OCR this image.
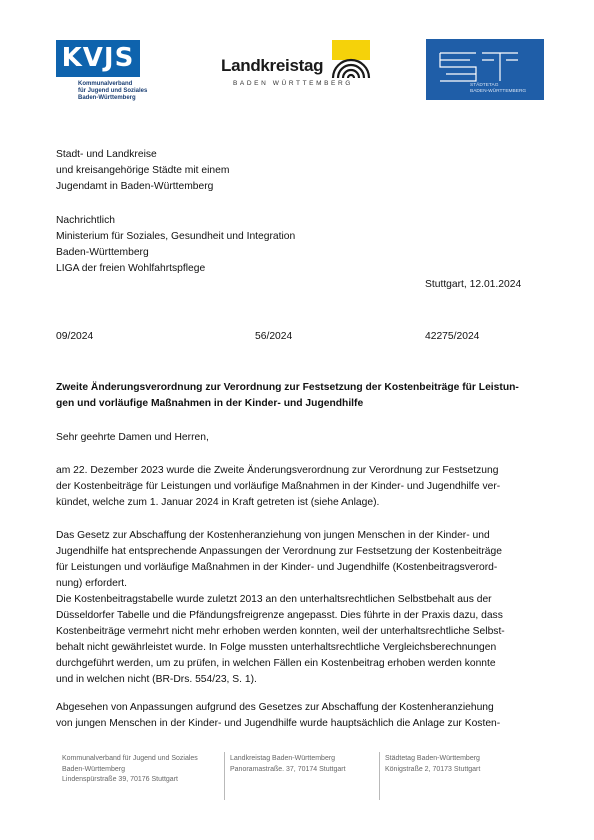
KVJS
Kommunalverband
für Jugend und Soziales
Baden-Württemberg
Landkreistag
BADEN WÜRTTEMBERG	STÄDTETAG
BADEN-WÜRTTEMBERG
Stadt- und Landkreise
und kreisangehörige Städte mit einem
Jugendamt in Baden-Württemberg
Nachrichtlich
Ministerium für Soziales, Gesundheit und Integration
Baden-Württemberg
LIGA der freien Wohlfahrtspflege
Stuttgart, 12.01.2024
09/2024	56/2024	42275/2024
Zweite Änderungsverordnung zur Verordnung zur Festsetzung der Kostenbeiträge für Leistun-
gen und vorläufige Maßnahmen in der Kinder- und Jugendhilfe
Sehr geehrte Damen und Herren,
am 22. Dezember 2023 wurde die Zweite Änderungsverordnung zur Verordnung zur Festsetzung
der Kostenbeiträge für Leistungen und vorläufige Maßnahmen in der Kinder- und Jugendhilfe ver-
kündet, welche zum 1. Januar 2024 in Kraft getreten ist (siehe Anlage).
Das Gesetz zur Abschaffung der Kostenheranziehung von jungen Menschen in der Kinder- und
Jugendhilfe hat entsprechende Anpassungen der Verordnung zur Festsetzung der Kostenbeiträge
für Leistungen und vorläufige Maßnahmen in der Kinder- und Jugendhilfe (Kostenbeitragsverord-
nung) erfordert.
Die Kostenbeitragstabelle wurde zuletzt 2013 an den unterhaltsrechtlichen Selbstbehalt aus der
Düsseldorfer Tabelle und die Pfändungsfreigrenze angepasst. Dies führte in der Praxis dazu, dass
Kostenbeiträge vermehrt nicht mehr erhoben werden konnten, weil der unterhaltsrechtliche Selbst-
behalt nicht gewährleistet wurde. In Folge mussten unterhaltsrechtliche Vergleichsberechnungen
durchgeführt werden, um zu prüfen, in welchen Fällen ein Kostenbeitrag erhoben werden konnte
und in welchen nicht (BR-Drs. 554/23, S. 1).
Abgesehen von Anpassungen aufgrund des Gesetzes zur Abschaffung der Kostenheranziehung
von jungen Menschen in der Kinder- und Jugendhilfe wurde hauptsächlich die Anlage zur Kosten-
Kommunalverband für Jugend und Soziales
Baden-Württemberg
Lindenspürstraße 39, 70176 Stuttgart
Landkreistag Baden-Württemberg
Panoramastraße. 37, 70174 Stuttgart
Städtetag Baden-Württemberg
Königstraße 2, 70173 Stuttgart
